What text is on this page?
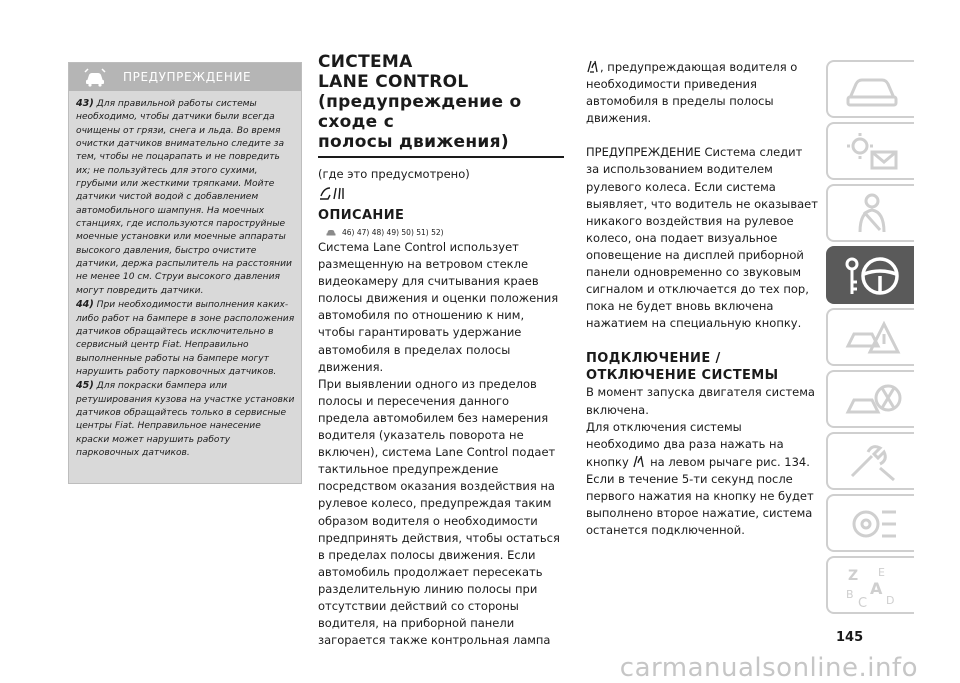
ПРЕДУПРЕЖДЕНИЕ

43) Для правильной работы системы необходимо, чтобы датчики были всегда очищены от грязи, снега и льда. Во время очистки датчиков внимательно следите за тем, чтобы не поцарапать и не повредить их; не пользуйтесь для этого сухими, грубыми или жесткими тряпками. Мойте датчики чистой водой с добавлением автомобильного шампуня. На моечных станциях, где используются пароструйные моечные установки или моечные аппараты высокого давления, быстро очистите датчики, держа распылитель на расстоянии не менее 10 см. Струи высокого давления могут повредить датчики.

44) При необходимости выполнения каких-либо работ на бампере в зоне расположения датчиков обращайтесь исключительно в сервисный центр Fiat. Неправильно выполненные работы на бампере могут нарушить работу парковочных датчиков.

45) Для покраски бампера или ретуширования кузова на участке установки датчиков обращайтесь только в сервисные центры Fiat. Неправильное нанесение краски может нарушить работу парковочных датчиков.

СИСТЕМА
LANE CONTROL
(предупреждение о сходе с
полосы движения)
(где это предусмотрено)
ОПИСАНИЕ
46) 47) 48) 49) 50) 51) 52)

Система Lane Control использует размещенную на ветровом стекле видеокамеру для считывания краев полосы движения и оценки положения автомобиля по отношению к ним, чтобы гарантировать удержание автомобиля в пределах полосы движения.

При выявлении одного из пределов полосы и пересечения данного предела автомобилем без намерения водителя (указатель поворота не включен), система Lane Control подает тактильное предупреждение посредством оказания воздействия на рулевое колесо, предупреждая таким образом водителя о необходимости предпринять действия, чтобы остаться в пределах полосы движения. Если автомобиль продолжает пересекать разделительную линию полосы при отсутствии действий со стороны водителя, на приборной панели загорается также контрольная лампа

, предупреждающая водителя о необходимости приведения автомобиля в пределы полосы движения.

ПРЕДУПРЕЖДЕНИЕ Система следит за использованием водителем рулевого колеса. Если система выявляет, что водитель не оказывает никакого воздействия на рулевое колесо, она подает визуальное оповещение на дисплей приборной панели одновременно со звуковым сигналом и отключается до тех пор, пока не будет вновь включена нажатием на специальную кнопку.

ПОДКЛЮЧЕНИЕ /
ОТКЛЮЧЕНИЕ СИСТЕМЫ

В момент запуска двигателя система включена.

Для отключения системы необходимо два раза нажать на кнопку на левом рычаге рис. 134. Если в течение 5-ти секунд после первого нажатия на кнопку не будет выполнено второе нажатие, система останется подключенной.

Z E
A
B
C D
145
carmanualsonline.info
